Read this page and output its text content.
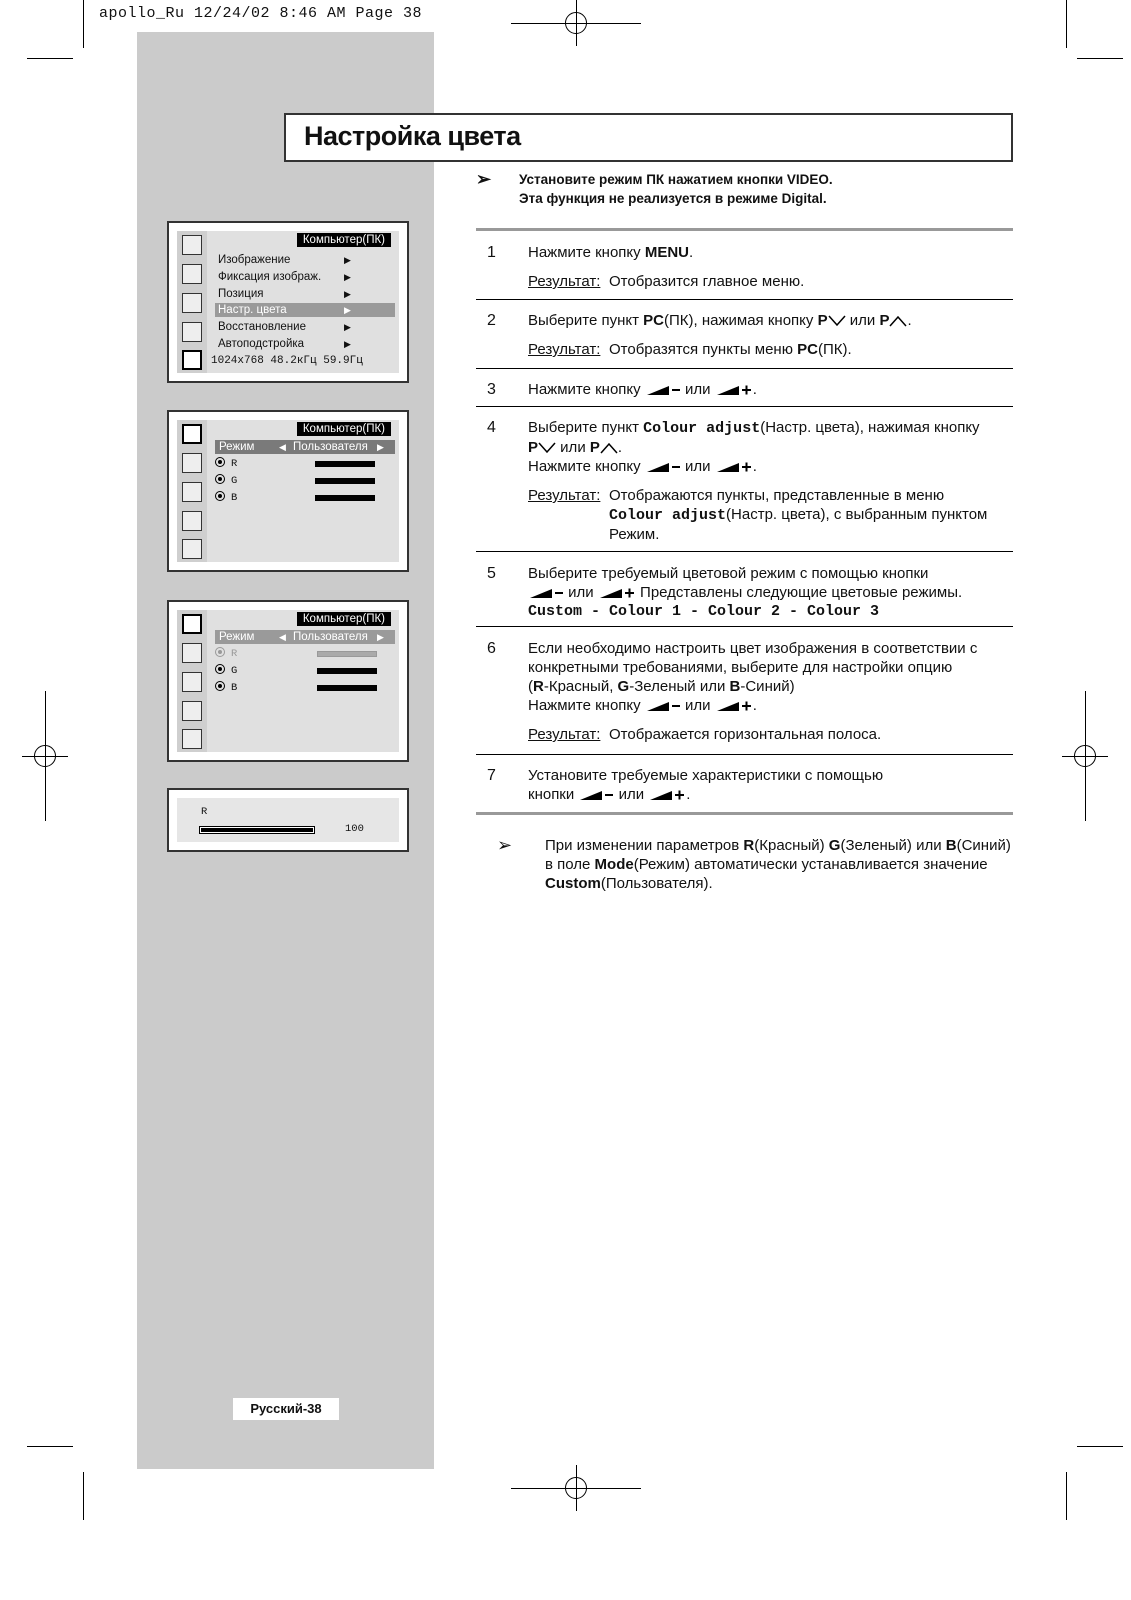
apollo_Ru 12/24/02 8:46 AM Page 38
Настройка цвета
➢ Установите режим ПК нажатием кнопки VIDEO.
Эта функция не реализуется в режиме Digital.
1 Нажмите кнопку MENU.
Результат: Отобразится главное меню.
2 Выберите пункт PC(ПК), нажимая кнопку P или P .
Результат: Отобразятся пункты меню PC(ПК).
3 Нажмите кнопку	или	.
4 Выберите пункт Colour adjust(Настр. цвета), нажимая кнопку
P или P .
Нажмите кнопку	или	.
Результат: Отображаются пункты, представленные в меню
Colour adjust(Настр. цвета), с выбранным пунктом
Режим.
5 Выберите требуемый цветовой режим с помощью кнопки
или	Представлены следующие цветовые режимы.
Custom - Colour 1 - Colour 2 - Colour 3
6 Если необходимо настроить цвет изображения в соответствии с
конкретными требованиями, выберите для настройки опцию
(R-Красный, G-Зеленый или B-Синий)
Нажмите кнопку	или	.
Результат: Отображается горизонтальная полоса.
7 Установите требуемые характеристики с помощью
кнопки	или	.
➢ При изменении параметров R(Красный) G(Зеленый) или B(Синий)
в поле Mode(Режим) автоматически устанавливается значение
Custom(Пользователя).
Компьютер(ПК)
Изображение	▶
Фиксация изображ.	▶
Позиция	▶
Настр. цвета	▶
Восстановление	▶
Автоподстройка	▶
1024x768 48.2кГц 59.9Гц
Компьютер(ПК)
Режим	◀ Пользователя ▶
R
G
B
Компьютер(ПК)
Режим	◀ Пользователя ▶
R
G
B
R
100
Русский-38
